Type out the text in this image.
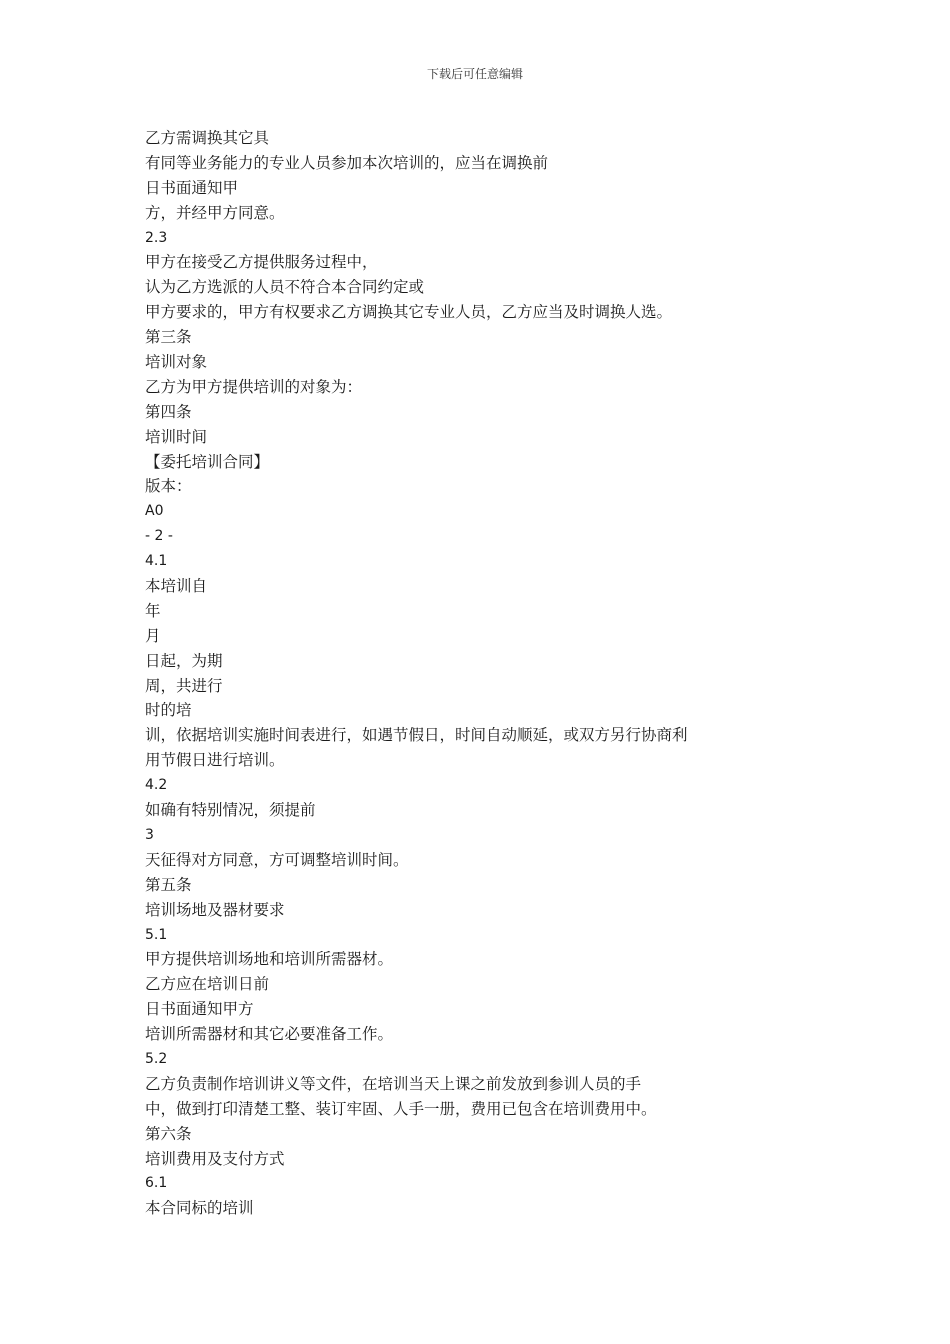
下载后可任意编辑
乙方需调换其它具
有同等业务能力的专业人员参加本次培训的，应当在调换前
日书面通知甲
方，并经甲方同意。
2.3
甲方在接受乙方提供服务过程中，
认为乙方选派的人员不符合本合同约定或
甲方要求的，甲方有权要求乙方调换其它专业人员，乙方应当及时调换人选。
第三条
培训对象
乙方为甲方提供培训的对象为：
第四条
培训时间
【委托培训合同】
版本：
A0
- 2 -
4.1
本培训自
年
月
日起，为期
周，共进行
时的培
训，依据培训实施时间表进行，如遇节假日，时间自动顺延，或双方另行协商利
用节假日进行培训。
4.2
如确有特别情况，须提前
3
天征得对方同意，方可调整培训时间。
第五条
培训场地及器材要求
5.1
甲方提供培训场地和培训所需器材。
乙方应在培训日前
日书面通知甲方
培训所需器材和其它必要准备工作。
5.2
乙方负责制作培训讲义等文件，在培训当天上课之前发放到参训人员的手
中，做到打印清楚工整、装订牢固、人手一册，费用已包含在培训费用中。
第六条
培训费用及支付方式
6.1
本合同标的培训
